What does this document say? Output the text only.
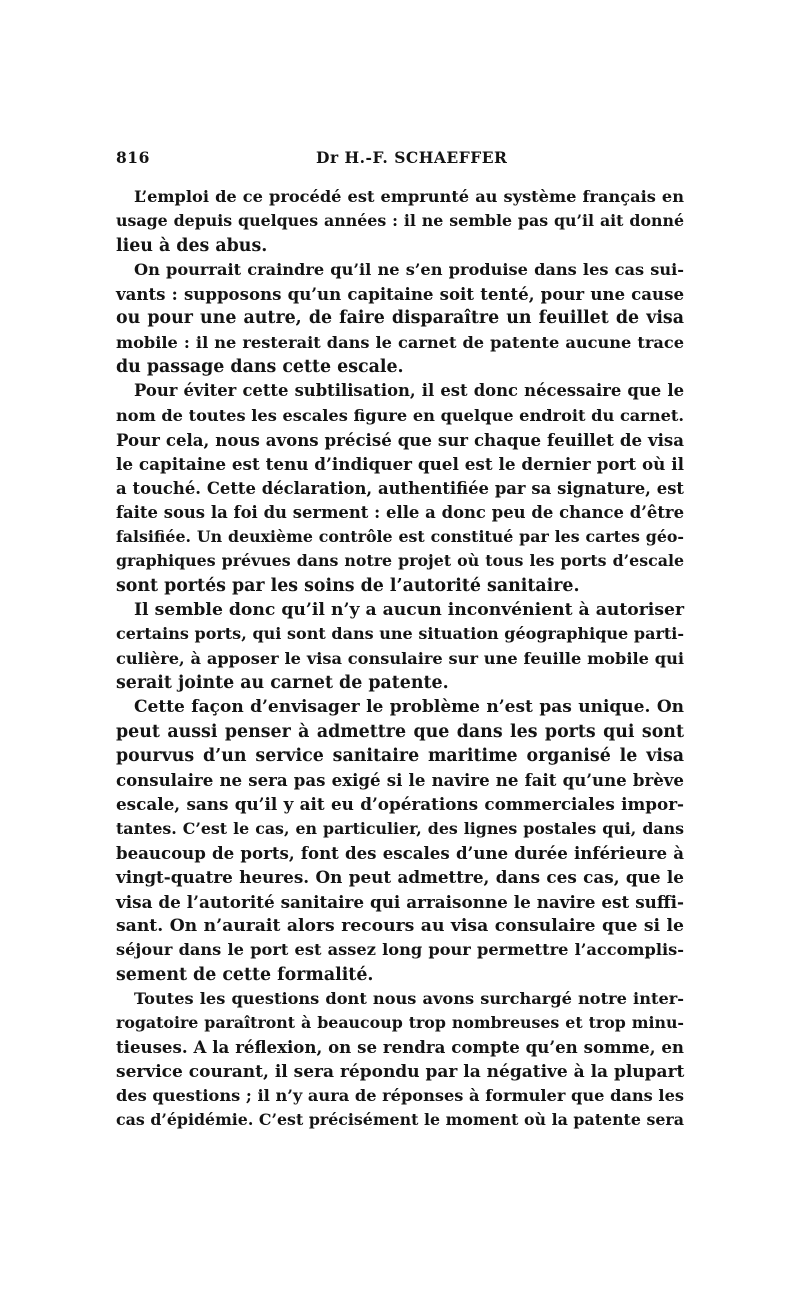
816	Dr H.-F. SCHAEFFER
L’emploi de ce procédé est emprunté au système français en
usage depuis quelques années : il ne semble pas qu’il ait donné
lieu à des abus.
On pourrait craindre qu’il ne s’en produise dans les cas sui-
vants : supposons qu’un capitaine soit tenté, pour une cause
ou pour une autre, de faire disparaître un feuillet de visa
mobile : il ne resterait dans le carnet de patente aucune trace
du passage dans cette escale.
Pour éviter cette subtilisation, il est donc nécessaire que le
nom de toutes les escales figure en quelque endroit du carnet.
Pour cela, nous avons précisé que sur chaque feuillet de visa
le capitaine est tenu d’indiquer quel est le dernier port où il
a touché. Cette déclaration, authentifiée par sa signature, est
faite sous la foi du serment : elle a donc peu de chance d’être
falsifiée. Un deuxième contrôle est constitué par les cartes géo-
graphiques prévues dans notre projet où tous les ports d’escale
sont portés par les soins de l’autorité sanitaire.
Il semble donc qu’il n’y a aucun inconvénient à autoriser
certains ports, qui sont dans une situation géographique parti-
culière, à apposer le visa consulaire sur une feuille mobile qui
serait jointe au carnet de patente.
Cette façon d’envisager le problème n’est pas unique. On
peut aussi penser à admettre que dans les ports qui sont
pourvus d’un service sanitaire maritime organisé le visa
consulaire ne sera pas exigé si le navire ne fait qu’une brève
escale, sans qu’il y ait eu d’opérations commerciales impor-
tantes. C’est le cas, en particulier, des lignes postales qui, dans
beaucoup de ports, font des escales d’une durée inférieure à
vingt-quatre heures. On peut admettre, dans ces cas, que le
visa de l’autorité sanitaire qui arraisonne le navire est suffi-
sant. On n’aurait alors recours au visa consulaire que si le
séjour dans le port est assez long pour permettre l’accomplis-
sement de cette formalité.
Toutes les questions dont nous avons surchargé notre inter-
rogatoire paraîtront à beaucoup trop nombreuses et trop minu-
tieuses. A la réflexion, on se rendra compte qu’en somme, en
service courant, il sera répondu par la négative à la plupart
des questions ; il n’y aura de réponses à formuler que dans les
cas d’épidémie. C’est précisément le moment où la patente sera
